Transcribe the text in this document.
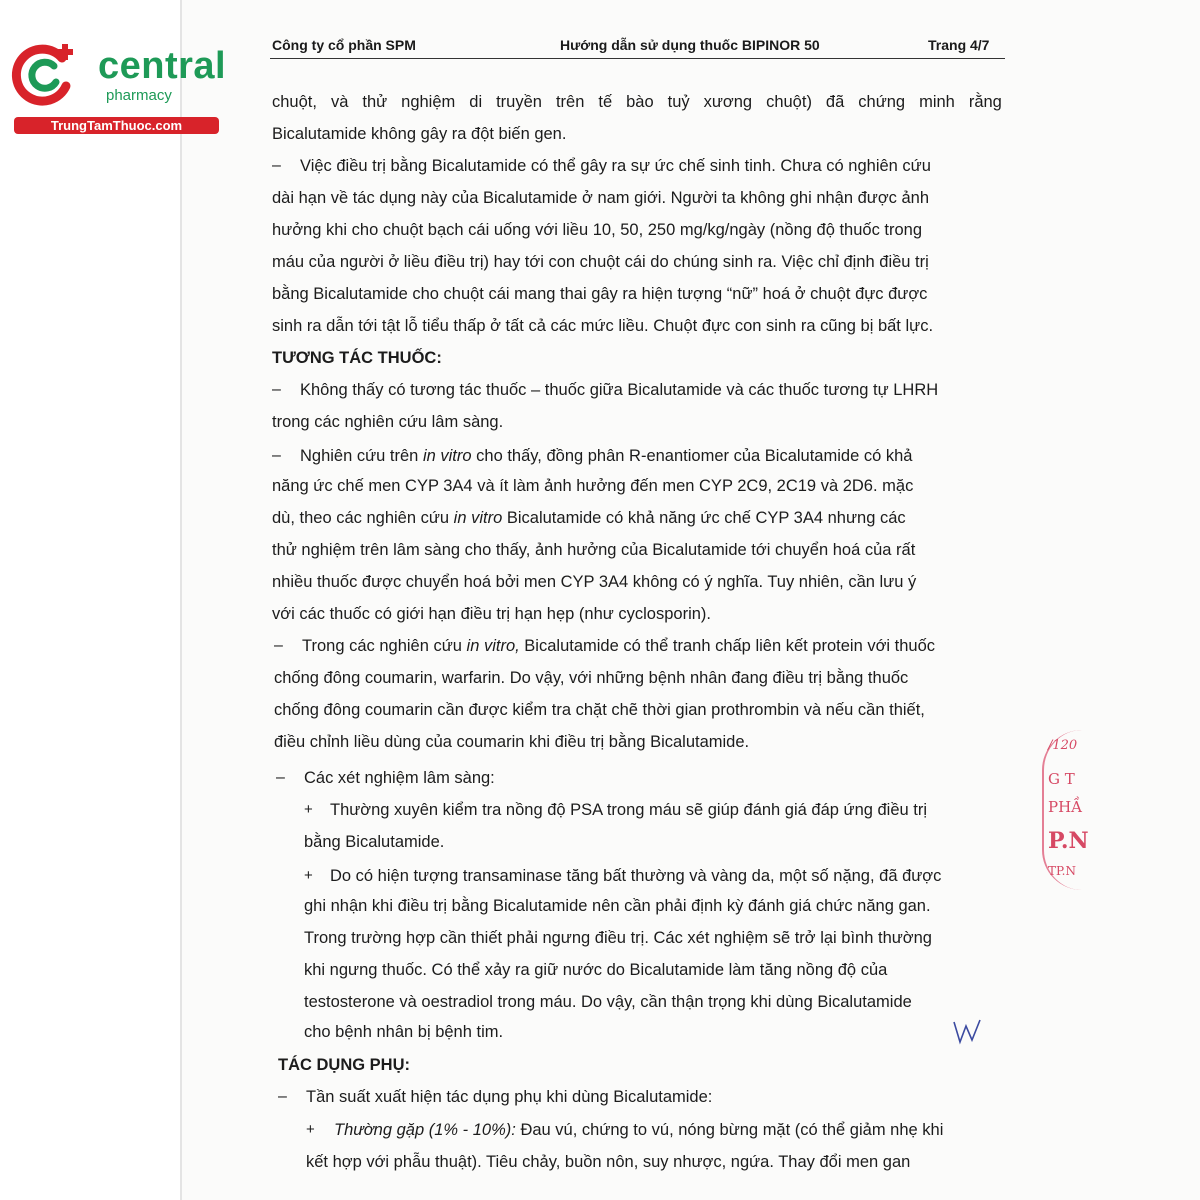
central
pharmacy
TrungTamThuoc.com
Công ty cổ phần SPM	Hướng dẫn sử dụng thuốc BIPINOR 50	Trang 4/7
chuột, và thử nghiệm di truyền trên tế bào tuỷ xương chuột) đã chứng minh rằng
Bicalutamide không gây ra đột biến gen.
– Việc điều trị bằng Bicalutamide có thể gây ra sự ức chế sinh tinh. Chưa có nghiên cứu
dài hạn về tác dụng này của Bicalutamide ở nam giới. Người ta không ghi nhận được ảnh
hưởng khi cho chuột bạch cái uống với liều 10, 50, 250 mg/kg/ngày (nồng độ thuốc trong
máu của người ở liều điều trị) hay tới con chuột cái do chúng sinh ra. Việc chỉ định điều trị
bằng Bicalutamide cho chuột cái mang thai gây ra hiện tượng “nữ” hoá ở chuột đực được
sinh ra dẫn tới tật lỗ tiểu thấp ở tất cả các mức liều. Chuột đực con sinh ra cũng bị bất lực.
TƯƠNG TÁC THUỐC:
– Không thấy có tương tác thuốc – thuốc giữa Bicalutamide và các thuốc tương tự LHRH
trong các nghiên cứu lâm sàng.
– Nghiên cứu trên in vitro cho thấy, đồng phân R-enantiomer của Bicalutamide có khả
năng ức chế men CYP 3A4 và ít làm ảnh hưởng đến men CYP 2C9, 2C19 và 2D6. mặc
dù, theo các nghiên cứu in vitro Bicalutamide có khả năng ức chế CYP 3A4 nhưng các
thử nghiệm trên lâm sàng cho thấy, ảnh hưởng của Bicalutamide tới chuyển hoá của rất
nhiều thuốc được chuyển hoá bởi men CYP 3A4 không có ý nghĩa. Tuy nhiên, cần lưu ý
với các thuốc có giới hạn điều trị hạn hẹp (như cyclosporin).
– Trong các nghiên cứu in vitro, Bicalutamide có thể tranh chấp liên kết protein với thuốc
chống đông coumarin, warfarin. Do vậy, với những bệnh nhân đang điều trị bằng thuốc
chống đông coumarin cần được kiểm tra chặt chẽ thời gian prothrombin và nếu cần thiết,
điều chỉnh liều dùng của coumarin khi điều trị bằng Bicalutamide.
– Các xét nghiệm lâm sàng:
+ Thường xuyên kiểm tra nồng độ PSA trong máu sẽ giúp đánh giá đáp ứng điều trị
bằng Bicalutamide.
+ Do có hiện tượng transaminase tăng bất thường và vàng da, một số nặng, đã được
ghi nhận khi điều trị bằng Bicalutamide nên cần phải định kỳ đánh giá chức năng gan.
Trong trường hợp cần thiết phải ngưng điều trị. Các xét nghiệm sẽ trở lại bình thường
khi ngưng thuốc. Có thể xảy ra giữ nước do Bicalutamide làm tăng nồng độ của
testosterone và oestradiol trong máu. Do vậy, cần thận trọng khi dùng Bicalutamide
cho bệnh nhân bị bệnh tim.
TÁC DỤNG PHỤ:
– Tần suất xuất hiện tác dụng phụ khi dùng Bicalutamide:
+ Thường gặp (1% - 10%): Đau vú, chứng to vú, nóng bừng mặt (có thể giảm nhẹ khi
kết hợp với phẫu thuật). Tiêu chảy, buồn nôn, suy nhược, ngứa. Thay đổi men gan
/120
G T
PHẦ
P.N
TP.N
